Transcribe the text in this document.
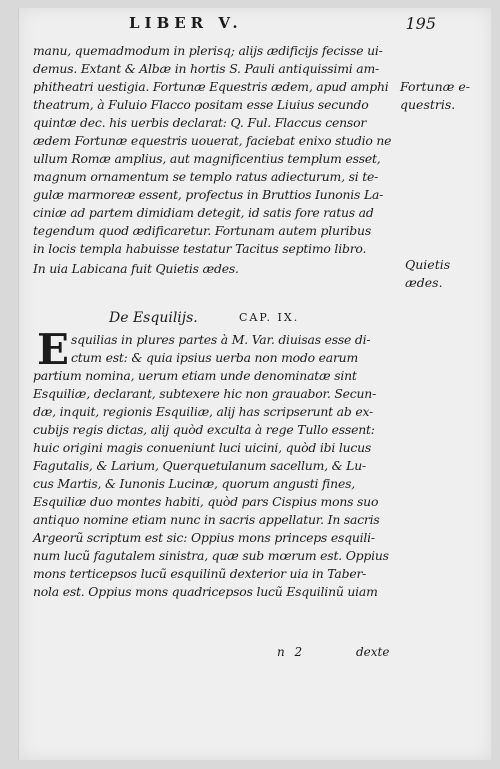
LIBER V.	195
manu, quemadmodum in plerisq; alijs ædificijs fecisse ui-
demus. Extant & Albæ in hortis S. Pauli antiquissimi am-
phitheatri uestigia. Fortunæ Equestris ædem, apud amphi
theatrum, à Fuluio Flacco positam esse Liuius secundo
quintæ dec. his uerbis declarat: Q. Ful. Flaccus censor
ædem Fortunæ equestris uouerat, faciebat enixo studio ne
ullum Romæ amplius, aut magnificentius templum esset,
magnum ornamentum se templo ratus adiecturum, si te-
gulæ marmoreæ essent, profectus in Bruttios Iunonis La-
ciniæ ad partem dimidiam detegit, id satis fore ratus ad
tegendum quod ædificaretur. Fortunam autem pluribus
in locis templa habuisse testatur Tacitus septimo libro.
In uia Labicana fuit Quietis ædes.
Fortunæ e-
questris.
Quietis
ædes.
De Esquilijs.	CAP. IX.
E squilias in plures partes à M. Var. diuisas esse di-
ctum est: & quia ipsius uerba non modo earum
partium nomina, uerum etiam unde denominatæ sint
Esquiliæ, declarant, subtexere hic non grauabor. Secun-
dæ, inquit, regionis Esquiliæ, alij has scripserunt ab ex-
cubijs regis dictas, alij quòd exculta à rege Tullo essent:
huic origini magis conueniunt luci uicini, quòd ibi lucus
Fagutalis, & Larium, Querquetulanum sacellum, & Lu-
cus Martis, & Iunonis Lucinæ, quorum angusti fines,
Esquiliæ duo montes habiti, quòd pars Cispius mons suo
antiquo nomine etiam nunc in sacris appellatur. In sacris
Argeorũ scriptum est sic: Oppius mons princeps esquili-
num lucũ fagutalem sinistra, quæ sub mœrum est. Oppius
mons terticepsos lucũ esquilinũ dexterior uia in Taber-
nola est. Oppius mons quadricepsos lucũ Esquilinũ uiam
n 2	dexte
